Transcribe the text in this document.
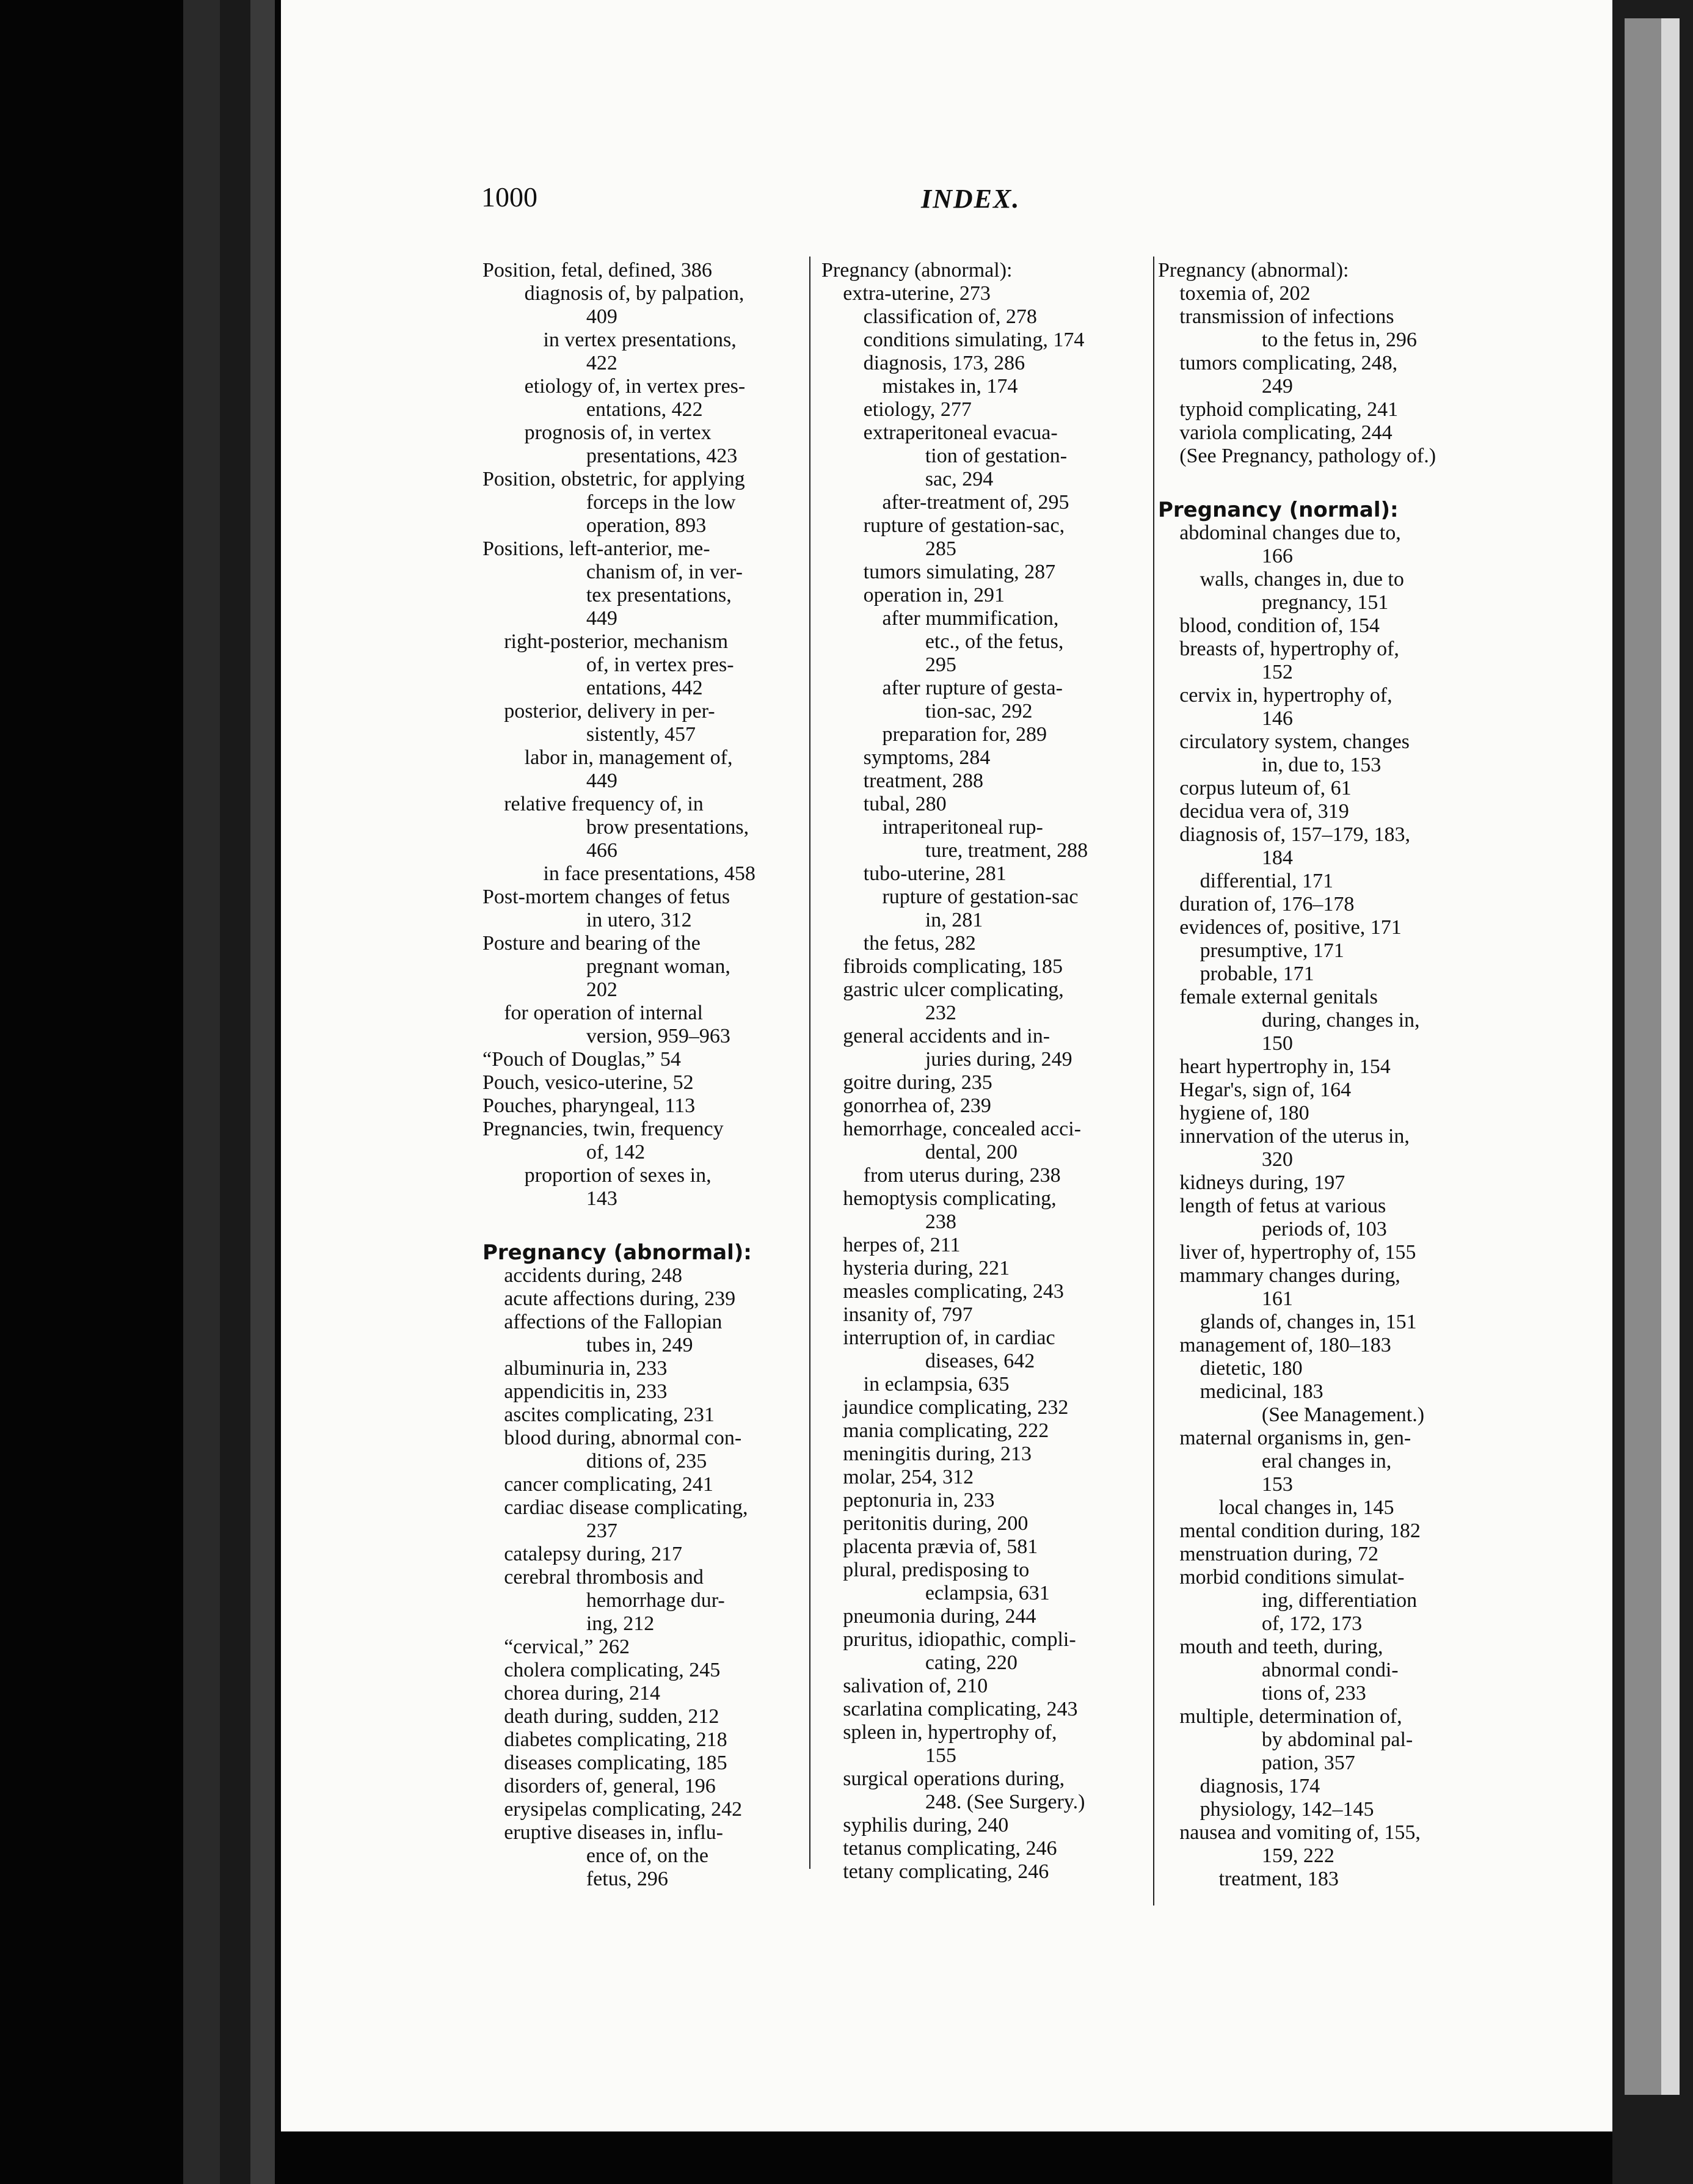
1000	INDEX.
Position, fetal, defined, 386
diagnosis of, by palpation,
409
in vertex presentations,
422
etiology of, in vertex pres-
entations, 422
prognosis of, in vertex
presentations, 423
Position, obstetric, for applying
forceps in the low
operation, 893
Positions, left-anterior, me-
chanism of, in ver-
tex presentations,
449
right-posterior, mechanism
of, in vertex pres-
entations, 442
posterior, delivery in per-
sistently, 457
labor in, management of,
449
relative frequency of, in
brow presentations,
466
in face presentations, 458
Post-mortem changes of fetus
in utero, 312
Posture and bearing of the
pregnant woman,
202
for operation of internal
version, 959–963
“Pouch of Douglas,” 54
Pouch, vesico-uterine, 52
Pouches, pharyngeal, 113
Pregnancies, twin, frequency
of, 142
proportion of sexes in,
143
Pregnancy (abnormal):
accidents during, 248
acute affections during, 239
affections of the Fallopian
tubes in, 249
albuminuria in, 233
appendicitis in, 233
ascites complicating, 231
blood during, abnormal con-
ditions of, 235
cancer complicating, 241
cardiac disease complicating,
237
catalepsy during, 217
cerebral thrombosis and
hemorrhage dur-
ing, 212
“cervical,” 262
cholera complicating, 245
chorea during, 214
death during, sudden, 212
diabetes complicating, 218
diseases complicating, 185
disorders of, general, 196
erysipelas complicating, 242
eruptive diseases in, influ-
ence of, on the
fetus, 296
Pregnancy (abnormal):
extra-uterine, 273
classification of, 278
conditions simulating, 174
diagnosis, 173, 286
mistakes in, 174
etiology, 277
extraperitoneal evacua-
tion of gestation-
sac, 294
after-treatment of, 295
rupture of gestation-sac,
285
tumors simulating, 287
operation in, 291
after mummification,
etc., of the fetus,
295
after rupture of gesta-
tion-sac, 292
preparation for, 289
symptoms, 284
treatment, 288
tubal, 280
intraperitoneal rup-
ture, treatment, 288
tubo-uterine, 281
rupture of gestation-sac
in, 281
the fetus, 282
fibroids complicating, 185
gastric ulcer complicating,
232
general accidents and in-
juries during, 249
goitre during, 235
gonorrhea of, 239
hemorrhage, concealed acci-
dental, 200
from uterus during, 238
hemoptysis complicating,
238
herpes of, 211
hysteria during, 221
measles complicating, 243
insanity of, 797
interruption of, in cardiac
diseases, 642
in eclampsia, 635
jaundice complicating, 232
mania complicating, 222
meningitis during, 213
molar, 254, 312
peptonuria in, 233
peritonitis during, 200
placenta prævia of, 581
plural, predisposing to
eclampsia, 631
pneumonia during, 244
pruritus, idiopathic, compli-
cating, 220
salivation of, 210
scarlatina complicating, 243
spleen in, hypertrophy of,
155
surgical operations during,
248. (See Surgery.)
syphilis during, 240
tetanus complicating, 246
tetany complicating, 246
Pregnancy (abnormal):
toxemia of, 202
transmission of infections
to the fetus in, 296
tumors complicating, 248,
249
typhoid complicating, 241
variola complicating, 244
(See Pregnancy, pathology of.)
Pregnancy (normal):
abdominal changes due to,
166
walls, changes in, due to
pregnancy, 151
blood, condition of, 154
breasts of, hypertrophy of,
152
cervix in, hypertrophy of,
146
circulatory system, changes
in, due to, 153
corpus luteum of, 61
decidua vera of, 319
diagnosis of, 157–179, 183,
184
differential, 171
duration of, 176–178
evidences of, positive, 171
presumptive, 171
probable, 171
female external genitals
during, changes in,
150
heart hypertrophy in, 154
Hegar's, sign of, 164
hygiene of, 180
innervation of the uterus in,
320
kidneys during, 197
length of fetus at various
periods of, 103
liver of, hypertrophy of, 155
mammary changes during,
161
glands of, changes in, 151
management of, 180–183
dietetic, 180
medicinal, 183
(See Management.)
maternal organisms in, gen-
eral changes in,
153
local changes in, 145
mental condition during, 182
menstruation during, 72
morbid conditions simulat-
ing, differentiation
of, 172, 173
mouth and teeth, during,
abnormal condi-
tions of, 233
multiple, determination of,
by abdominal pal-
pation, 357
diagnosis, 174
physiology, 142–145
nausea and vomiting of, 155,
159, 222
treatment, 183
